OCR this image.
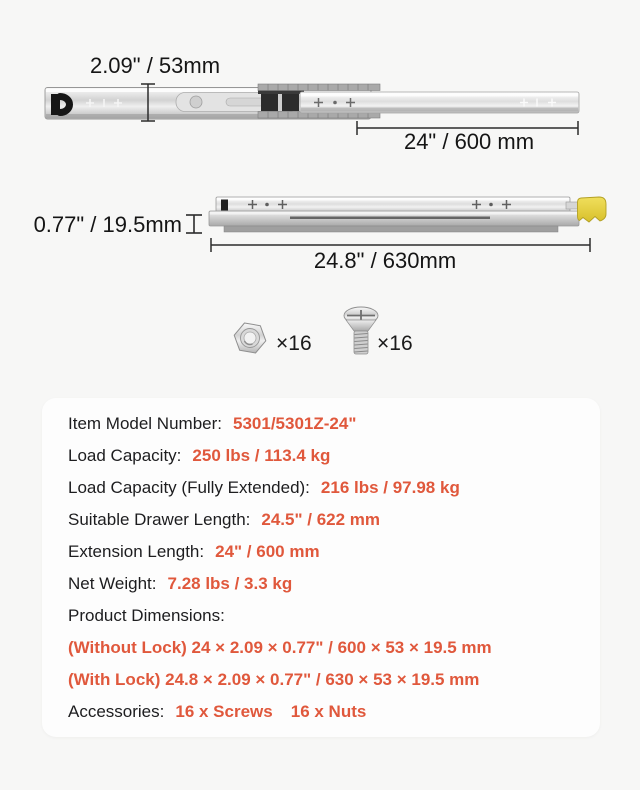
2.09" / 53mm
24" / 600 mm
0.77" / 19.5mm
24.8" / 630mm
×16	×16
Item Model Number: 5301/5301Z-24"
Load Capacity: 250 lbs / 113.4 kg
Load Capacity (Fully Extended): 216 lbs / 97.98 kg
Suitable Drawer Length: 24.5" / 622 mm
Extension Length: 24" / 600 mm
Net Weight: 7.28 lbs / 3.3 kg
Product Dimensions:
(Without Lock) 24 × 2.09 × 0.77" / 600 × 53 × 19.5 mm
(With Lock) 24.8 × 2.09 × 0.77" / 630 × 53 × 19.5 mm
Accessories: 16 x Screws 16 x Nuts
